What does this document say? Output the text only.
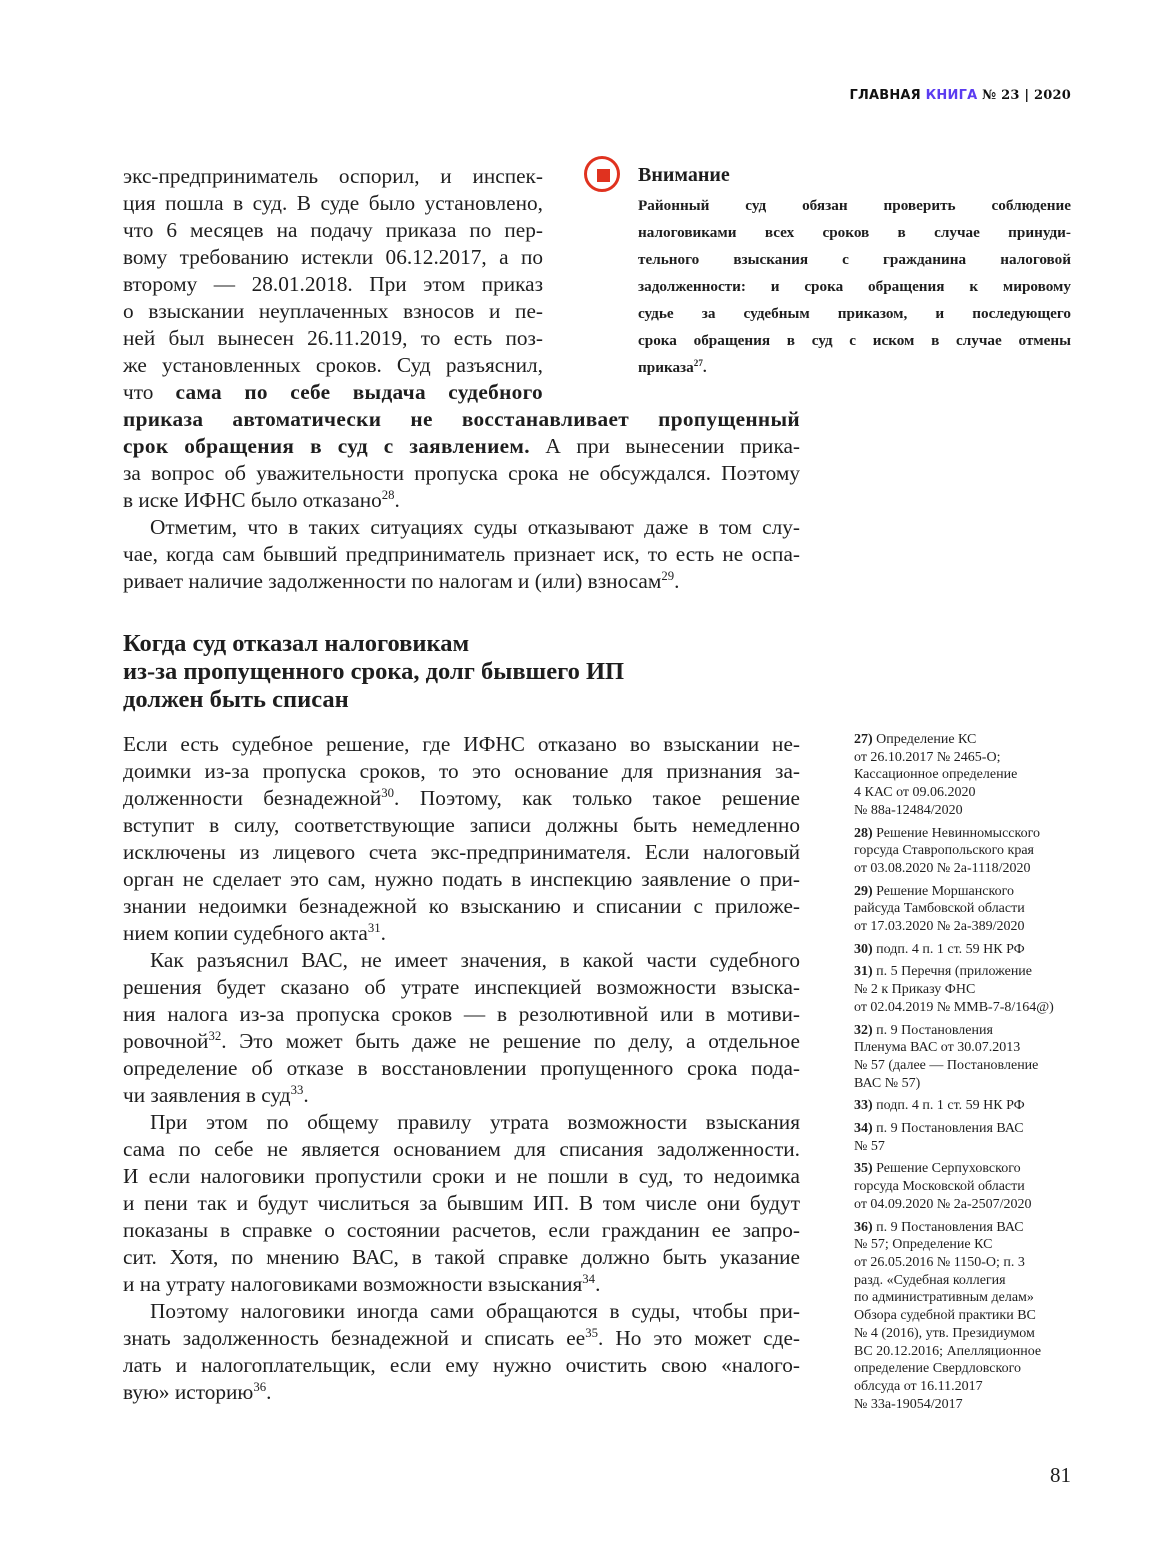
ГЛАВНАЯ КНИГА № 23 | 2020
экс-предприниматель оспорил, и инспек-
ция пошла в суд. В суде было установлено,
что 6 месяцев на подачу приказа по пер-
вому требованию истекли 06.12.2017, а по
второму — 28.01.2018. При этом приказ
о взыскании неуплаченных взносов и пе-
ней был вынесен 26.11.2019, то есть поз-
же установленных сроков. Суд разъяснил,
что сама по себе выдача судебного
приказа автоматически не восстанавливает пропущенный
срок обращения в суд с заявлением. А при вынесении прика-
за вопрос об уважительности пропуска срока не обсуждался. Поэтому
в иске ИФНС было отказано$^{28}$.
Отметим, что в таких ситуациях суды отказывают даже в том слу-
чае, когда сам бывший предприниматель признает иск, то есть не оспа-
ривает наличие задолженности по налогам и (или) взносам$^{29}$.
Внимание
Районный суд обязан проверить соблюдение
налоговиками всех сроков в случае принуди-
тельного взыскания с гражданина налоговой
задолженности: и срока обращения к мировому
судье за судебным приказом, и последующего
срока обращения в суд с иском в случае отмены
приказа$^{27}$.
Когда суд отказал налоговикам
из-за пропущенного срока, долг бывшего ИП
должен быть списан
Если есть судебное решение, где ИФНС отказано во взыскании не-
доимки из-за пропуска сроков, то это основание для признания за-
долженности безнадежной$^{30}$. Поэтому, как только такое решение
вступит в силу, соответствующие записи должны быть немедленно
исключены из лицевого счета экс-предпринимателя. Если налоговый
орган не сделает это сам, нужно подать в инспекцию заявление о при-
знании недоимки безнадежной ко взысканию и списании с приложе-
нием копии судебного акта$^{31}$.
Как разъяснил ВАС, не имеет значения, в какой части судебного
решения будет сказано об утрате инспекцией возможности взыска-
ния налога из-за пропуска сроков — в резолютивной или в мотиви-
ровочной$^{32}$. Это может быть даже не решение по делу, а отдельное
определение об отказе в восстановлении пропущенного срока пода-
чи заявления в суд$^{33}$.
При этом по общему правилу утрата возможности взыскания
сама по себе не является основанием для списания задолженности.
И если налоговики пропустили сроки и не пошли в суд, то недоимка
и пени так и будут числиться за бывшим ИП. В том числе они будут
показаны в справке о состоянии расчетов, если гражданин ее запро-
сит. Хотя, по мнению ВАС, в такой справке должно быть указание
и на утрату налоговиками возможности взыскания$^{34}$.
Поэтому налоговики иногда сами обращаются в суды, чтобы при-
знать задолженность безнадежной и списать $ее^{35}$. Но это может сде-
лать и налогоплательщик, если ему нужно очистить свою «налого-
вую» историю$^{36}$.
27) Определение КС
от 26.10.2017 № 2465-О;
Кассационное определение
4 КАС от 09.06.2020
№ 88а-12484/2020
28) Решение Невинномысского
горсуда Ставропольского края
от 03.08.2020 № 2а-1118/2020
29) Решение Моршанского
райсуда Тамбовской области
от 17.03.2020 № 2а-389/2020
30) подп. 4 п. 1 ст. 59 НК РФ
31) п. 5 Перечня (приложение
№ 2 к Приказу ФНС
от 02.04.2019 № ММВ-7-8/164@)
32) п. 9 Постановления
Пленума ВАС от 30.07.2013
№ 57 (далее — Постановление
ВАС № 57)
33) подп. 4 п. 1 ст. 59 НК РФ
34) п. 9 Постановления ВАС
№ 57
35) Решение Серпуховского
горсуда Московской области
от 04.09.2020 № 2а-2507/2020
36) п. 9 Постановления ВАС
№ 57; Определение КС
от 26.05.2016 № 1150-О; п. 3
разд. «Судебная коллегия
по административным делам»
Обзора судебной практики ВС
№ 4 (2016), утв. Президиумом
ВС 20.12.2016; Апелляционное
определение Свердловского
облсуда от 16.11.2017
№ 33а-19054/2017
81
